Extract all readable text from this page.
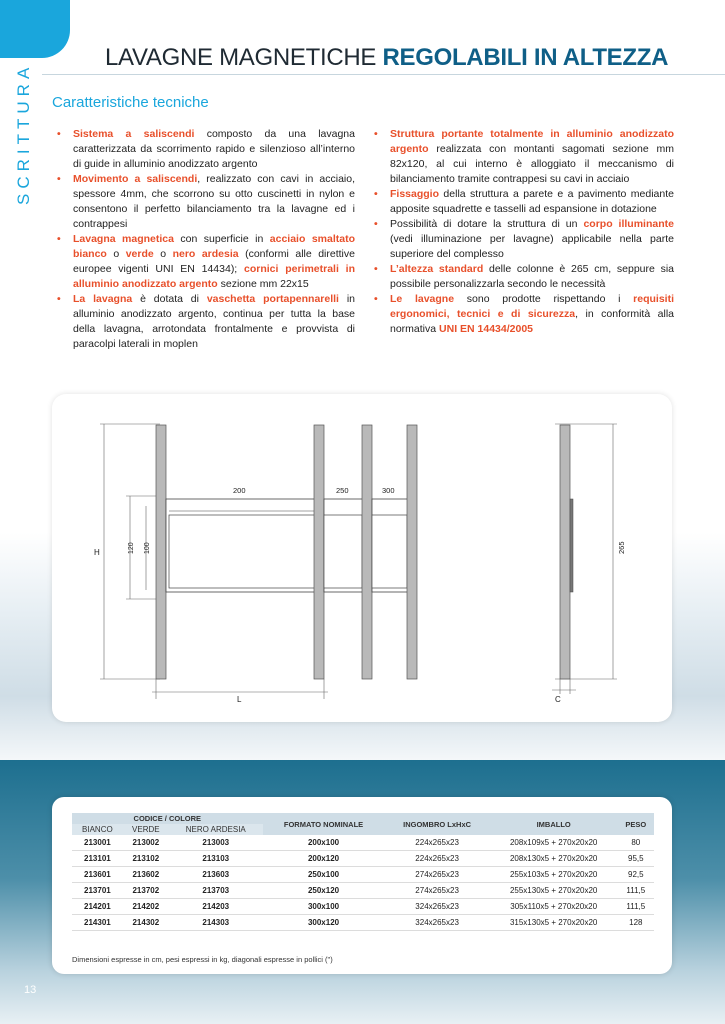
SCRITTURA
LAVAGNE MAGNETICHE REGOLABILI IN ALTEZZA
Caratteristiche tecniche
• Sistema a saliscendi composto da una lavagna caratterizzata da scorrimento rapido e silenzioso all’interno di guide in alluminio anodizzato argento
• Movimento a saliscendi, realizzato con cavi in acciaio, spessore 4mm, che scorrono su otto cuscinetti in nylon e consentono il perfetto bilanciamento tra la lavagne ed i contrappesi
• Lavagna magnetica con superficie in acciaio smaltato bianco o verde o nero ardesia (conformi alle direttive europee vigenti UNI EN 14434); cornici perimetrali in alluminio anodizzato argento sezione mm 22x15
• La lavagna è dotata di vaschetta portapennarelli in alluminio anodizzato argento, continua per tutta la base della lavagna, arrotondata frontalmente e provvista di paracolpi laterali in moplen
• Struttura portante totalmente in alluminio anodizzato argento realizzata con montanti sagomati sezione mm 82x120, al cui interno è alloggiato il meccanismo di bilanciamento tramite contrappesi su cavi in acciaio
• Fissaggio della struttura a parete e a pavimento mediante apposite squadrette e tasselli ad espansione in dotazione
• Possibilità di dotare la struttura di un corpo illuminante (vedi illuminazione per lavagne) applicabile nella parte superiore del complesso
• L’altezza standard delle colonne è 265 cm, seppure sia possibile personalizzarla secondo le necessità
• Le lavagne sono prodotte rispettando i requisiti ergonomici, tecnici e di sicurezza, in conformità alla normativa UNI EN 14434/2005
H	120 100
200	250	300
L
265
C
CODICE / COLORE			FORMATO NOMINALE	INGOMBRO LxHxC	IMBALLO	PESO
BIANCO	VERDE	NERO ARDESIA				
213001	213002	213003	200x100	224x265x23	208x109x5 + 270x20x20	80
213101	213102	213103	200x120	224x265x23	208x130x5 + 270x20x20	95,5
213601	213602	213603	250x100	274x265x23	255x103x5 + 270x20x20	92,5
213701	213702	213703	250x120	274x265x23	255x130x5 + 270x20x20	111,5
214201	214202	214203	300x100	324x265x23	305x110x5 + 270x20x20	111,5
214301	214302	214303	300x120	324x265x23	315x130x5 + 270x20x20	128
Dimensioni espresse in cm, pesi espressi in kg, diagonali espresse in pollici (")
13
